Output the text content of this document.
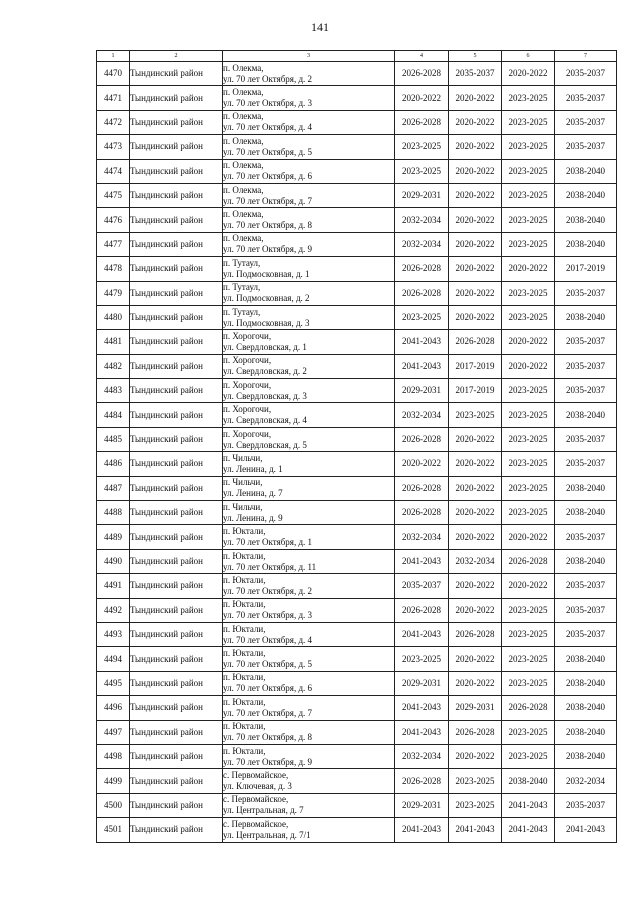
141
1	2	3	4	5	6	7
4470	Тындинский район	п. Олекма,
ул. 70 лет Октября, д. 2	2026-2028	2035-2037	2020-2022	2035-2037
4471	Тындинский район	п. Олекма,
ул. 70 лет Октября, д. 3	2020-2022	2020-2022	2023-2025	2035-2037
4472	Тындинский район	п. Олекма,
ул. 70 лет Октября, д. 4	2026-2028	2020-2022	2023-2025	2035-2037
4473	Тындинский район	п. Олекма,
ул. 70 лет Октября, д. 5	2023-2025	2020-2022	2023-2025	2035-2037
4474	Тындинский район	п. Олекма,
ул. 70 лет Октября, д. 6	2023-2025	2020-2022	2023-2025	2038-2040
4475	Тындинский район	п. Олекма,
ул. 70 лет Октября, д. 7	2029-2031	2020-2022	2023-2025	2038-2040
4476	Тындинский район	п. Олекма,
ул. 70 лет Октября, д. 8	2032-2034	2020-2022	2023-2025	2038-2040
4477	Тындинский район	п. Олекма,
ул. 70 лет Октября, д. 9	2032-2034	2020-2022	2023-2025	2038-2040
4478	Тындинский район	п. Тутаул,
ул. Подмосковная, д. 1	2026-2028	2020-2022	2020-2022	2017-2019
4479	Тындинский район	п. Тутаул,
ул. Подмосковная, д. 2	2026-2028	2020-2022	2023-2025	2035-2037
4480	Тындинский район	п. Тутаул,
ул. Подмосковная, д. 3	2023-2025	2020-2022	2023-2025	2038-2040
4481	Тындинский район	п. Хорогочи,
ул. Свердловская, д. 1	2041-2043	2026-2028	2020-2022	2035-2037
4482	Тындинский район	п. Хорогочи,
ул. Свердловская, д. 2	2041-2043	2017-2019	2020-2022	2035-2037
4483	Тындинский район	п. Хорогочи,
ул. Свердловская, д. 3	2029-2031	2017-2019	2023-2025	2035-2037
4484	Тындинский район	п. Хорогочи,
ул. Свердловская, д. 4	2032-2034	2023-2025	2023-2025	2038-2040
4485	Тындинский район	п. Хорогочи,
ул. Свердловская, д. 5	2026-2028	2020-2022	2023-2025	2035-2037
4486	Тындинский район	п. Чильчи,
ул. Ленина, д. 1	2020-2022	2020-2022	2023-2025	2035-2037
4487	Тындинский район	п. Чильчи,
ул. Ленина, д. 7	2026-2028	2020-2022	2023-2025	2038-2040
4488	Тындинский район	п. Чильчи,
ул. Ленина, д. 9	2026-2028	2020-2022	2023-2025	2038-2040
4489	Тындинский район	п. Юктали,
ул. 70 лет Октября, д. 1	2032-2034	2020-2022	2020-2022	2035-2037
4490	Тындинский район	п. Юктали,
ул. 70 лет Октября, д. 11	2041-2043	2032-2034	2026-2028	2038-2040
4491	Тындинский район	п. Юктали,
ул. 70 лет Октября, д. 2	2035-2037	2020-2022	2020-2022	2035-2037
4492	Тындинский район	п. Юктали,
ул. 70 лет Октября, д. 3	2026-2028	2020-2022	2023-2025	2035-2037
4493	Тындинский район	п. Юктали,
ул. 70 лет Октября, д. 4	2041-2043	2026-2028	2023-2025	2035-2037
4494	Тындинский район	п. Юктали,
ул. 70 лет Октября, д. 5	2023-2025	2020-2022	2023-2025	2038-2040
4495	Тындинский район	п. Юктали,
ул. 70 лет Октября, д. 6	2029-2031	2020-2022	2023-2025	2038-2040
4496	Тындинский район	п. Юктали,
ул. 70 лет Октября, д. 7	2041-2043	2029-2031	2026-2028	2038-2040
4497	Тындинский район	п. Юктали,
ул. 70 лет Октября, д. 8	2041-2043	2026-2028	2023-2025	2038-2040
4498	Тындинский район	п. Юктали,
ул. 70 лет Октября, д. 9	2032-2034	2020-2022	2023-2025	2038-2040
4499	Тындинский район	с. Первомайское,
ул. Ключевая, д. 3	2026-2028	2023-2025	2038-2040	2032-2034
4500	Тындинский район	с. Первомайское,
ул. Центральная, д. 7	2029-2031	2023-2025	2041-2043	2035-2037
4501	Тындинский район	с. Первомайское,
ул. Центральная, д. 7/1	2041-2043	2041-2043	2041-2043	2041-2043
